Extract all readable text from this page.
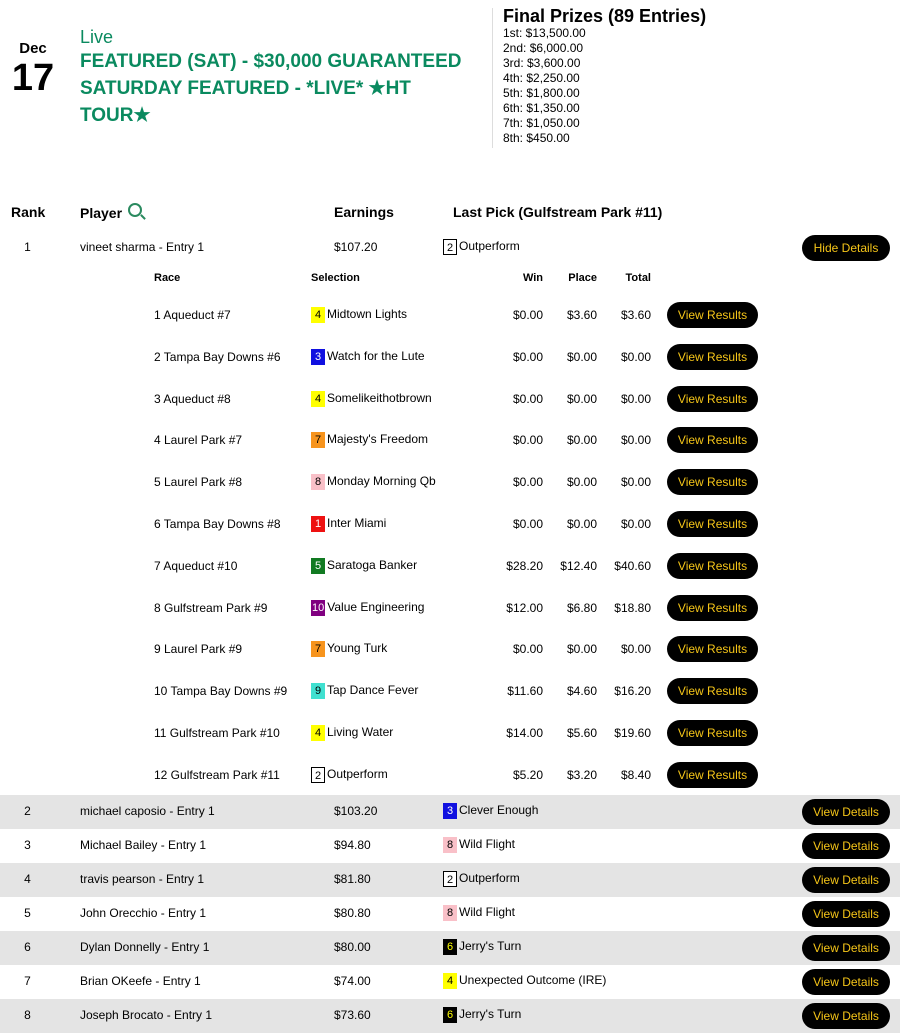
Dec
17
Live
FEATURED (SAT) - $30,000 GUARANTEED SATURDAY FEATURED - *LIVE* ★HT TOUR★
Final Prizes (89 Entries)
1st: $13,500.00
2nd: $6,000.00
3rd: $3,600.00
4th: $2,250.00
5th: $1,800.00
6th: $1,350.00
7th: $1,050.00
8th: $450.00
Rank Player	Earnings	Last Pick (Gulfstream Park #11)
1	vineet sharma - Entry 1	$107.20	2 Outperform	Hide Details
Race	Selection	Win	Place	Total
1 Aqueduct #7	4 Midtown Lights	$0.00	$3.60	$3.60	View Results
2 Tampa Bay Downs #6	3 Watch for the Lute	$0.00	$0.00	$0.00	View Results
3 Aqueduct #8	4 Somelikeithotbrown	$0.00	$0.00	$0.00	View Results
4 Laurel Park #7	7 Majesty's Freedom	$0.00	$0.00	$0.00	View Results
5 Laurel Park #8	8 Monday Morning Qb	$0.00	$0.00	$0.00	View Results
6 Tampa Bay Downs #8	1 Inter Miami	$0.00	$0.00	$0.00	View Results
7 Aqueduct #10	5 Saratoga Banker	$28.20	$12.40	$40.60	View Results
8 Gulfstream Park #9	10 Value Engineering	$12.00	$6.80	$18.80	View Results
9 Laurel Park #9	7 Young Turk	$0.00	$0.00	$0.00	View Results
10 Tampa Bay Downs #9	9 Tap Dance Fever	$11.60	$4.60	$16.20	View Results
11 Gulfstream Park #10	4 Living Water	$14.00	$5.60	$19.60	View Results
12 Gulfstream Park #11	2 Outperform	$5.20	$3.20	$8.40	View Results
2	michael caposio - Entry 1	$103.20	3 Clever Enough	View Details
3	Michael Bailey - Entry 1	$94.80	8 Wild Flight	View Details
4	travis pearson - Entry 1	$81.80	2 Outperform	View Details
5	John Orecchio - Entry 1	$80.80	8 Wild Flight	View Details
6	Dylan Donnelly - Entry 1	$80.00	6 Jerry's Turn	View Details
7	Brian OKeefe - Entry 1	$74.00	4 Unexpected Outcome (IRE)	View Details
8	Joseph Brocato - Entry 1	$73.60	6 Jerry's Turn	View Details
